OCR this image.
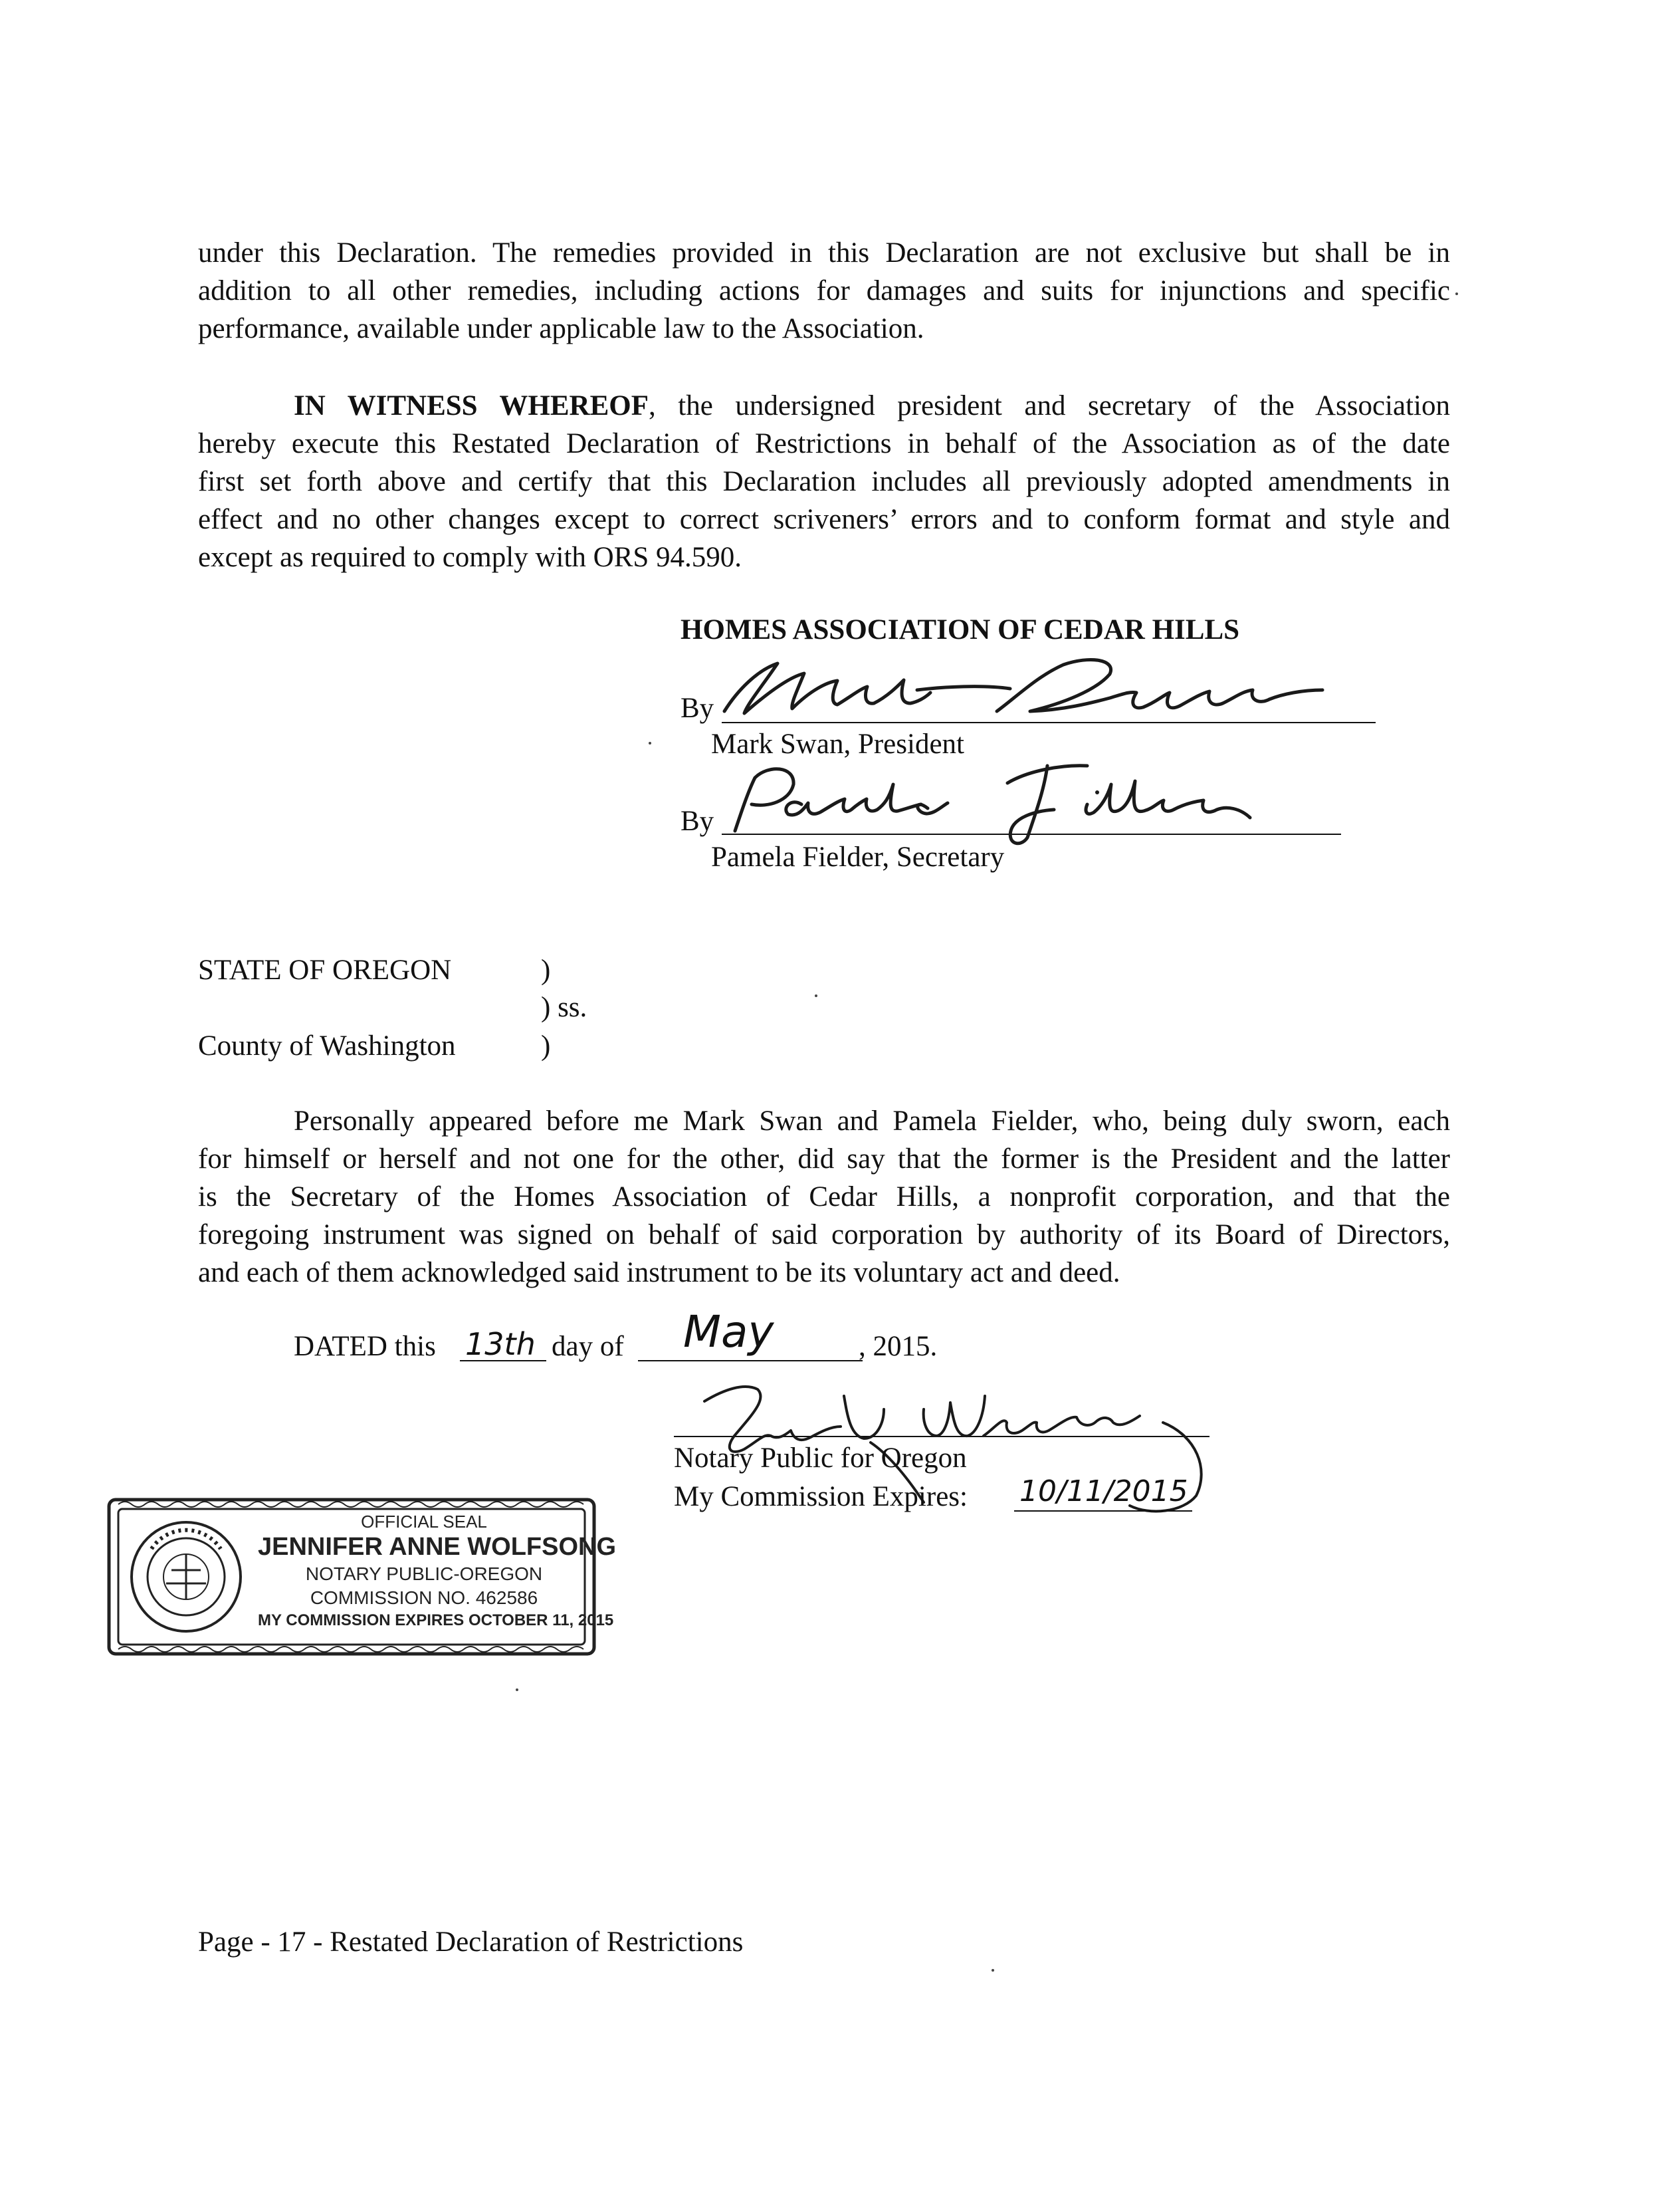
under this Declaration. The remedies provided in this Declaration are not exclusive but shall be in
addition to all other remedies, including actions for damages and suits for injunctions and specific
performance, available under applicable law to the Association.
IN WITNESS WHEREOF, the undersigned president and secretary of the Association
hereby execute this Restated Declaration of Restrictions in behalf of the Association as of the date
first set forth above and certify that this Declaration includes all previously adopted amendments in
effect and no other changes except to correct scriveners’ errors and to conform format and style and
except as required to comply with ORS 94.590.
HOMES ASSOCIATION OF CEDAR HILLS
By
Mark Swan, President
By
Pamela Fielder, Secretary
STATE OF OREGON	)
) ss.
County of Washington	)
Personally appeared before me Mark Swan and Pamela Fielder, who, being duly sworn, each
for himself or herself and not one for the other, did say that the former is the President and the latter
is the Secretary of the Homes Association of Cedar Hills, a nonprofit corporation, and that the
foregoing instrument was signed on behalf of said corporation by authority of its Board of Directors,
and each of them acknowledged said instrument to be its voluntary act and deed.
DATED this 13th day of May	, 2015.
Notary Public for Oregon
My Commission Expires: 10/11/2015
OFFICIAL SEAL
JENNIFER ANNE WOLFSONG
NOTARY PUBLIC-OREGON
COMMISSION NO. 462586
MY COMMISSION EXPIRES OCTOBER 11, 2015
Page - 17 - Restated Declaration of Restrictions
